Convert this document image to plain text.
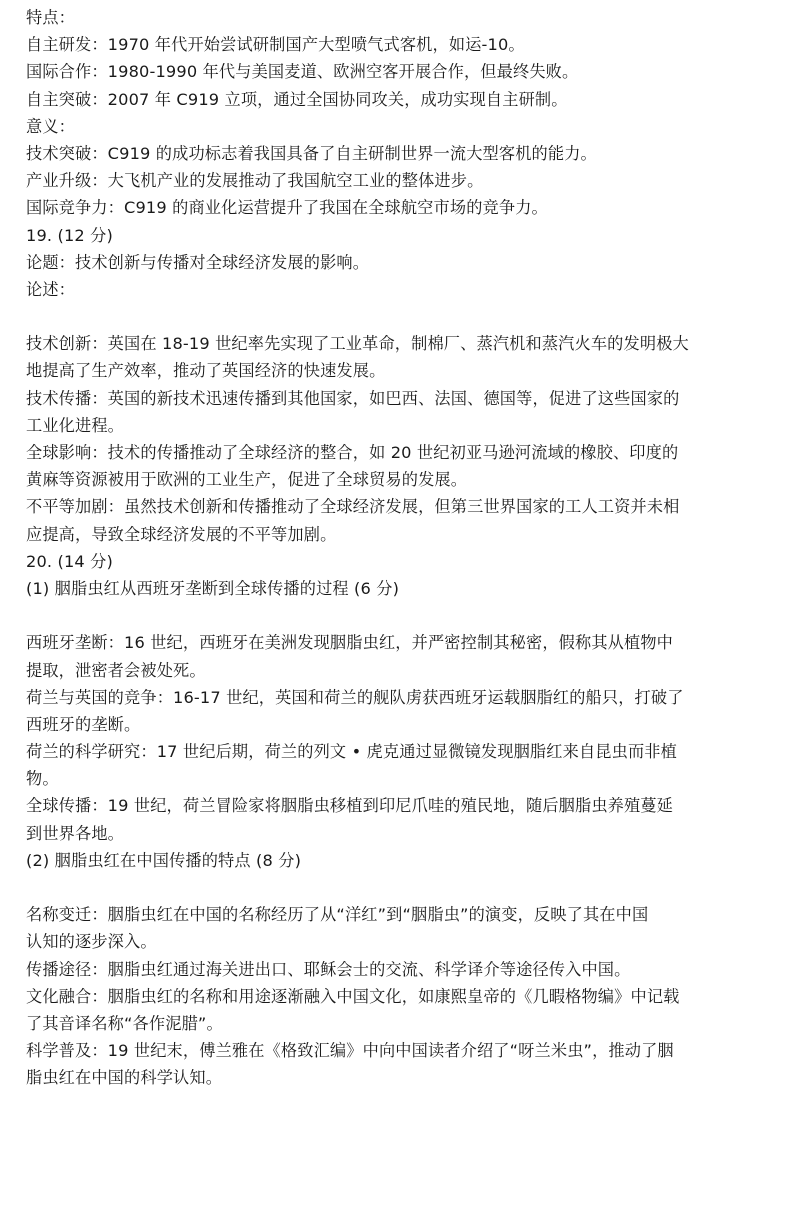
特点：
自主研发：1970 年代开始尝试研制国产大型喷气式客机，如运-10。
国际合作：1980-1990 年代与美国麦道、欧洲空客开展合作，但最终失败。
自主突破：2007 年 C919 立项，通过全国协同攻关，成功实现自主研制。
意义：
技术突破：C919 的成功标志着我国具备了自主研制世界一流大型客机的能力。
产业升级：大飞机产业的发展推动了我国航空工业的整体进步。
国际竞争力：C919 的商业化运营提升了我国在全球航空市场的竞争力。
19. (12 分)
论题：技术创新与传播对全球经济发展的影响。
论述：
技术创新：英国在 18-19 世纪率先实现了工业革命，制棉厂、蒸汽机和蒸汽火车的发明极大
地提高了生产效率，推动了英国经济的快速发展。
技术传播：英国的新技术迅速传播到其他国家，如巴西、法国、德国等，促进了这些国家的
工业化进程。
全球影响：技术的传播推动了全球经济的整合，如 20 世纪初亚马逊河流域的橡胶、印度的
黄麻等资源被用于欧洲的工业生产，促进了全球贸易的发展。
不平等加剧：虽然技术创新和传播推动了全球经济发展，但第三世界国家的工人工资并未相
应提高，导致全球经济发展的不平等加剧。
20. (14 分)
(1) 胭脂虫红从西班牙垄断到全球传播的过程 (6 分)
西班牙垄断：16 世纪，西班牙在美洲发现胭脂虫红，并严密控制其秘密，假称其从植物中
提取，泄密者会被处死。
荷兰与英国的竞争：16-17 世纪，英国和荷兰的舰队虏获西班牙运载胭脂红的船只，打破了
西班牙的垄断。
荷兰的科学研究：17 世纪后期，荷兰的列文 • 虎克通过显微镜发现胭脂红来自昆虫而非植
物。
全球传播：19 世纪，荷兰冒险家将胭脂虫移植到印尼爪哇的殖民地，随后胭脂虫养殖蔓延
到世界各地。
(2) 胭脂虫红在中国传播的特点 (8 分)
名称变迁：胭脂虫红在中国的名称经历了从“洋红”到“胭脂虫”的演变，反映了其在中国
认知的逐步深入。
传播途径：胭脂虫红通过海关进出口、耶稣会士的交流、科学译介等途径传入中国。
文化融合：胭脂虫红的名称和用途逐渐融入中国文化，如康熙皇帝的《几暇格物编》中记载
了其音译名称“各作泥腊”。
科学普及：19 世纪末，傅兰雅在《格致汇编》中向中国读者介绍了“呀兰米虫”，推动了胭
脂虫红在中国的科学认知。
